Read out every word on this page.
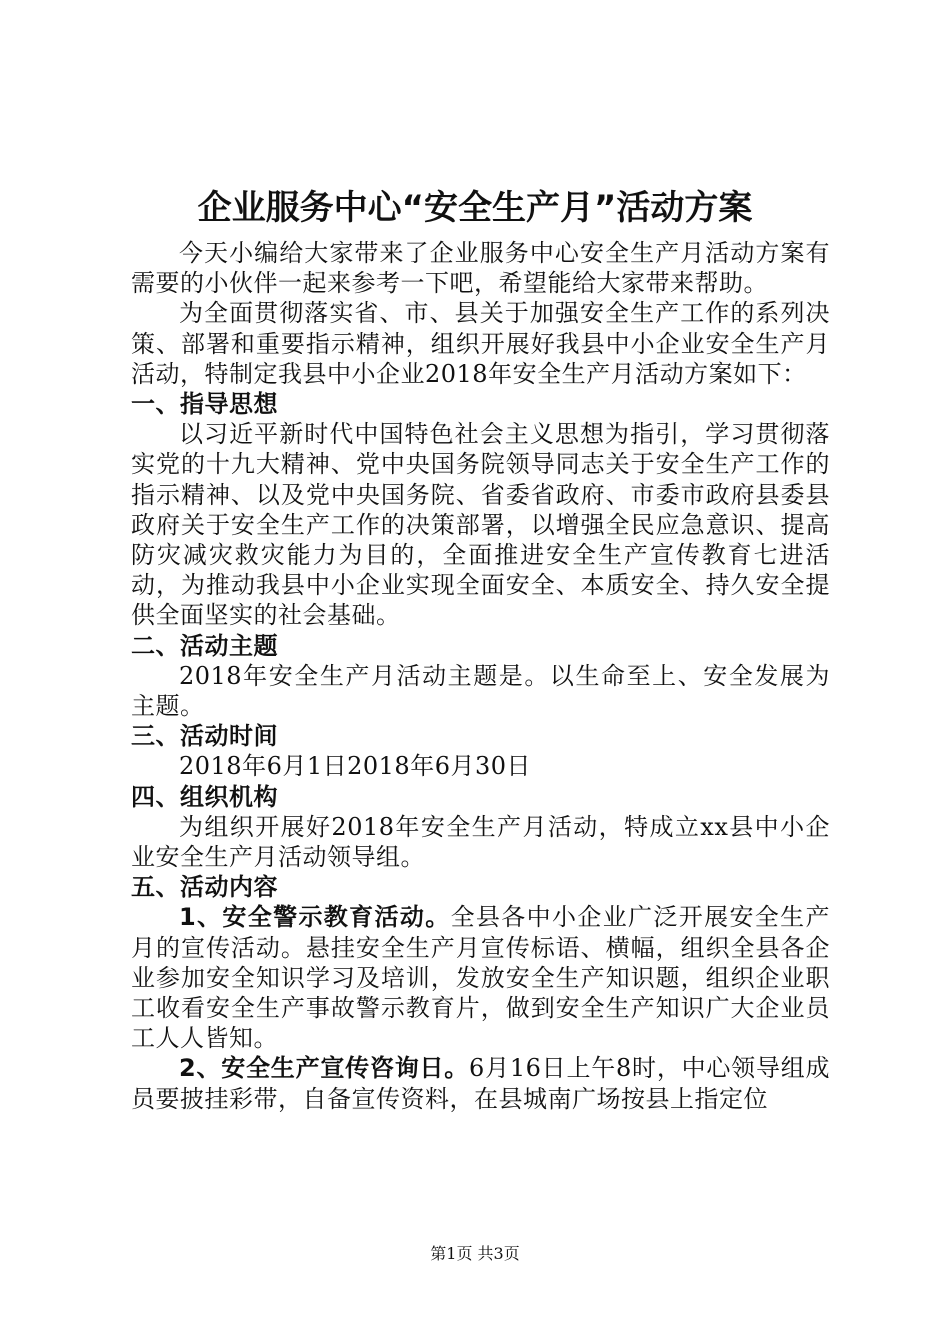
企业服务中心“安全生产月”活动方案

今天小编给大家带来了企业服务中心安全生产月活动方案有需要的小伙伴一起来参考一下吧，希望能给大家带来帮助。

为全面贯彻落实省、市、县关于加强安全生产工作的系列决策、部署和重要指示精神，组织开展好我县中小企业安全生产月活动，特制定我县中小企业2018年安全生产月活动方案如下：

一、指导思想

以习近平新时代中国特色社会主义思想为指引，学习贯彻落实党的十九大精神、党中央国务院领导同志关于安全生产工作的指示精神、以及党中央国务院、省委省政府、市委市政府县委县政府关于安全生产工作的决策部署，以增强全民应急意识、提高防灾减灾救灾能力为目的，全面推进安全生产宣传教育七进活动，为推动我县中小企业实现全面安全、本质安全、持久安全提供全面坚实的社会基础。

二、活动主题

2018年安全生产月活动主题是。以生命至上、安全发展为主题。

三、活动时间

2018年6月1日2018年6月30日

四、组织机构

为组织开展好2018年安全生产月活动，特成立xx县中小企业安全生产月活动领导组。

五、活动内容

1、安全警示教育活动。全县各中小企业广泛开展安全生产月的宣传活动。悬挂安全生产月宣传标语、横幅，组织全县各企业参加安全知识学习及培训，发放安全生产知识题，组织企业职工收看安全生产事故警示教育片，做到安全生产知识广大企业员工人人皆知。

2、安全生产宣传咨询日。6月16日上午8时，中心领导组成员要披挂彩带，自备宣传资料，在县城南广场按县上指定位

第1页 共3页
